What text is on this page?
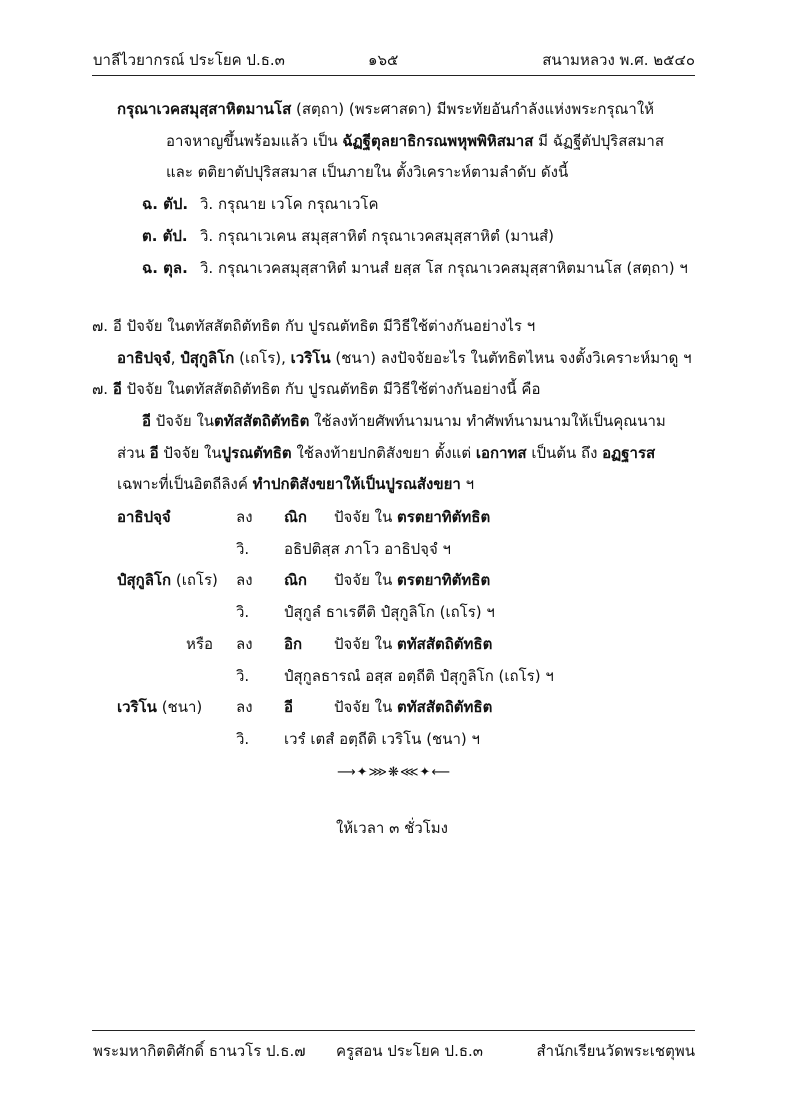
บาลีไวยากรณ์ ประโยค ป.ธ.๓	๑๖๕	สนามหลวง พ.ศ. ๒๕๔๐
กรุณาเวคสมุสฺสาหิตมานโส (สตฺถา) (พระศาสดา) มีพระทัยอันกำลังแห่งพระกรุณาให้
อาจหาญขึ้นพร้อมแล้ว เป็น ฉัฏฐีตุลยาธิกรณพหุพพิหิสมาส มี ฉัฏฐีตัปปุริสสมาส
และ ตติยาตัปปุริสสมาส เป็นภายใน ตั้งวิเคราะห์ตามลำดับ ดังนี้
ฉ. ตัป. วิ. กรุณาย เวโค กรุณาเวโค
ต. ตัป. วิ. กรุณาเวเคน สมุสฺสาหิตํ กรุณาเวคสมุสฺสาหิตํ (มานสํ)
ฉ. ตุล. วิ. กรุณาเวคสมุสฺสาหิตํ มานสํ ยสฺส โส กรุณาเวคสมุสฺสาหิตมานโส (สตฺถา) ฯ
๗. อี ปัจจัย ในตทัสสัตถิตัทธิต กับ ปูรณตัทธิต มีวิธีใช้ต่างกันอย่างไร ฯ
อาธิปจฺจํ, ปํสุกูลิโก (เถโร), เวริโน (ชนา) ลงปัจจัยอะไร ในตัทธิตไหน จงตั้งวิเคราะห์มาดู ฯ
๗. อี ปัจจัย ในตทัสสัตถิตัทธิต กับ ปูรณตัทธิต มีวิธีใช้ต่างกันอย่างนี้ คือ
อี ปัจจัย ในตทัสสัตถิตัทธิต ใช้ลงท้ายศัพท์นามนาม ทำศัพท์นามนามให้เป็นคุณนาม
ส่วน อี ปัจจัย ในปูรณตัทธิต ใช้ลงท้ายปกติสังขยา ตั้งแต่ เอกาทส เป็นต้น ถึง อฏฐารส
เฉพาะที่เป็นอิตถีลิงค์ ทำปกติสังขยาให้เป็นปูรณสังขยา ฯ
อาธิปจฺจํ	ลง ณิก ปัจจัย ใน ตรตยาทิตัทธิต
วิ. อธิปติสฺส ภาโว อาธิปจฺจํ ฯ
ปํสุกูลิโก (เถโร) ลง ณิก ปัจจัย ใน ตรตยาทิตัทธิต
วิ. ปํสุกูลํ ธาเรตีติ ปํสุกูลิโก (เถโร) ฯ
หรือ ลง อิก ปัจจัย ใน ตทัสสัตถิตัทธิต
วิ. ปํสุกูลธารณํ อสฺส อตฺถีติ ปํสุกูลิโก (เถโร) ฯ
เวริโน (ชนา) ลง อี	ปัจจัย ใน ตทัสสัตถิตัทธิต
วิ. เวรํ เตสํ อตฺถีติ เวริโน (ชนา) ฯ
⟶✦⋙❋⋘✦⟵
ให้เวลา ๓ ชั่วโมง
พระมหากิตติศักดิ์ ธานวโร ป.ธ.๗ ครูสอน ประโยค ป.ธ.๓	สำนักเรียนวัดพระเชตุพน
